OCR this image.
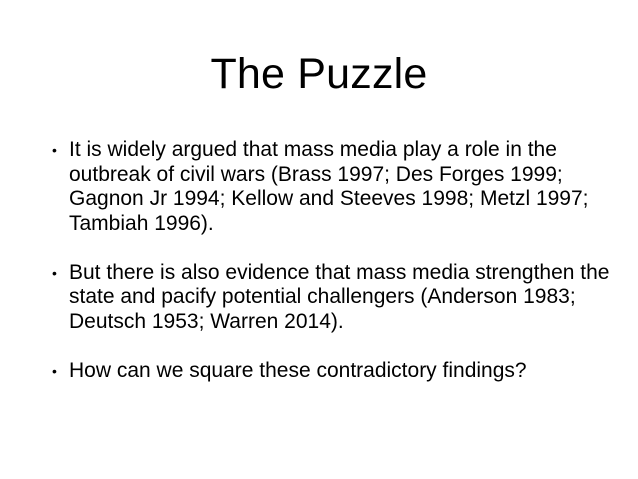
The Puzzle
• It is widely argued that mass media play a role in the outbreak of civil wars (Brass 1997; Des Forges 1999; Gagnon Jr 1994; Kellow and Steeves 1998; Metzl 1997; Tambiah 1996).
• But there is also evidence that mass media strengthen the state and pacify potential challengers (Anderson 1983; Deutsch 1953; Warren 2014).
• How can we square these contradictory findings?
